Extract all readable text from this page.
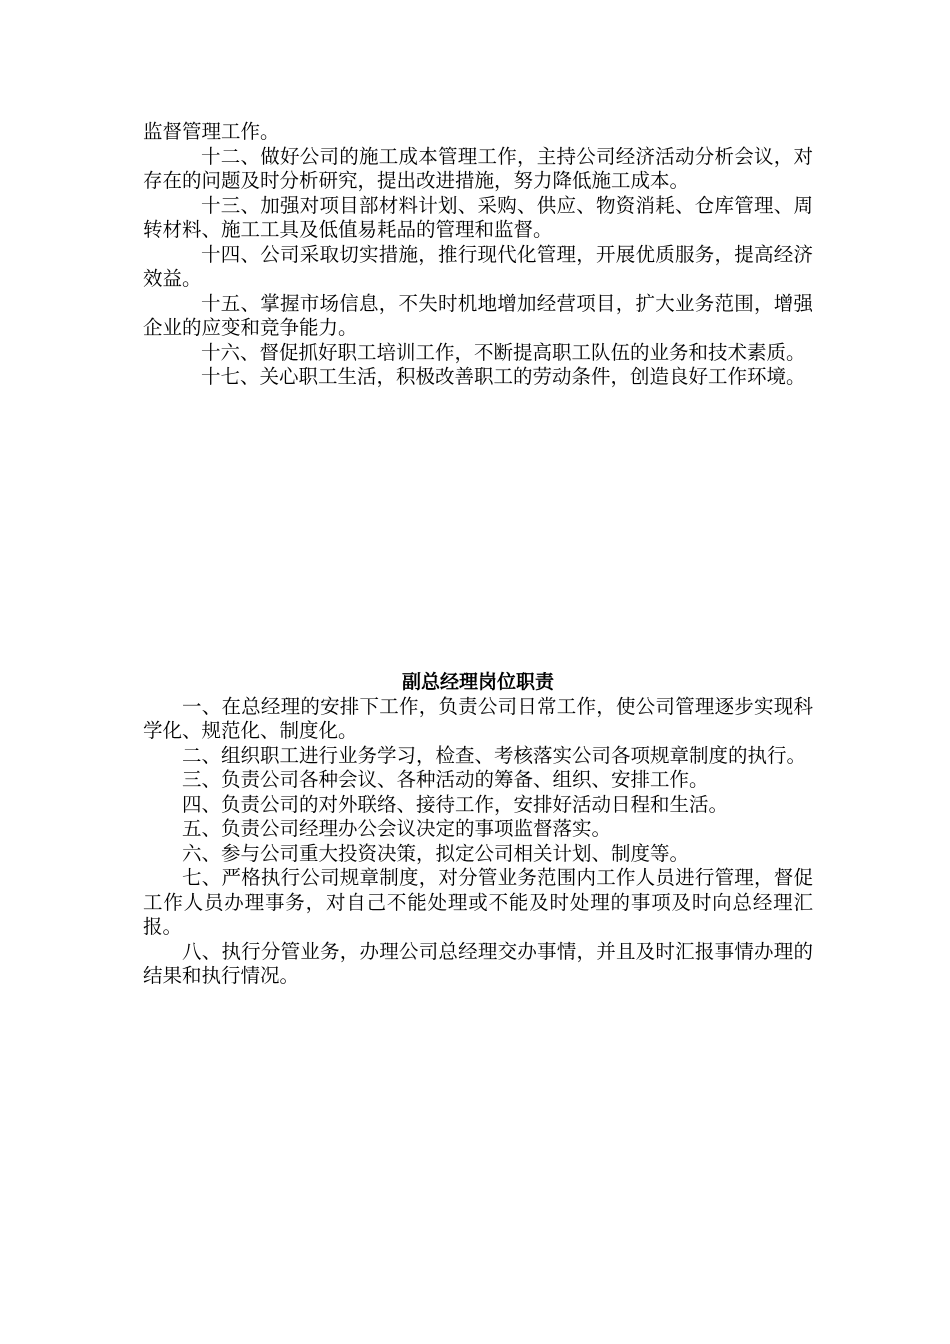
监督管理工作。

十二、做好公司的施工成本管理工作，主持公司经济活动分析会议，对存在的问题及时分析研究，提出改进措施，努力降低施工成本。

十三、加强对项目部材料计划、采购、供应、物资消耗、仓库管理、周转材料、施工工具及低值易耗品的管理和监督。

十四、公司采取切实措施，推行现代化管理，开展优质服务，提高经济效益。

十五、掌握市场信息，不失时机地增加经营项目，扩大业务范围，增强企业的应变和竞争能力。

十六、督促抓好职工培训工作，不断提高职工队伍的业务和技术素质。

十七、关心职工生活，积极改善职工的劳动条件，创造良好工作环境。

副总经理岗位职责

一、在总经理的安排下工作，负责公司日常工作，使公司管理逐步实现科学化、规范化、制度化。

二、组织职工进行业务学习，检查、考核落实公司各项规章制度的执行。

三、负责公司各种会议、各种活动的筹备、组织、安排工作。

四、负责公司的对外联络、接待工作，安排好活动日程和生活。

五、负责公司经理办公会议决定的事项监督落实。

六、参与公司重大投资决策，拟定公司相关计划、制度等。

七、严格执行公司规章制度，对分管业务范围内工作人员进行管理，督促工作人员办理事务，对自己不能处理或不能及时处理的事项及时向总经理汇报。

八、执行分管业务，办理公司总经理交办事情，并且及时汇报事情办理的结果和执行情况。
